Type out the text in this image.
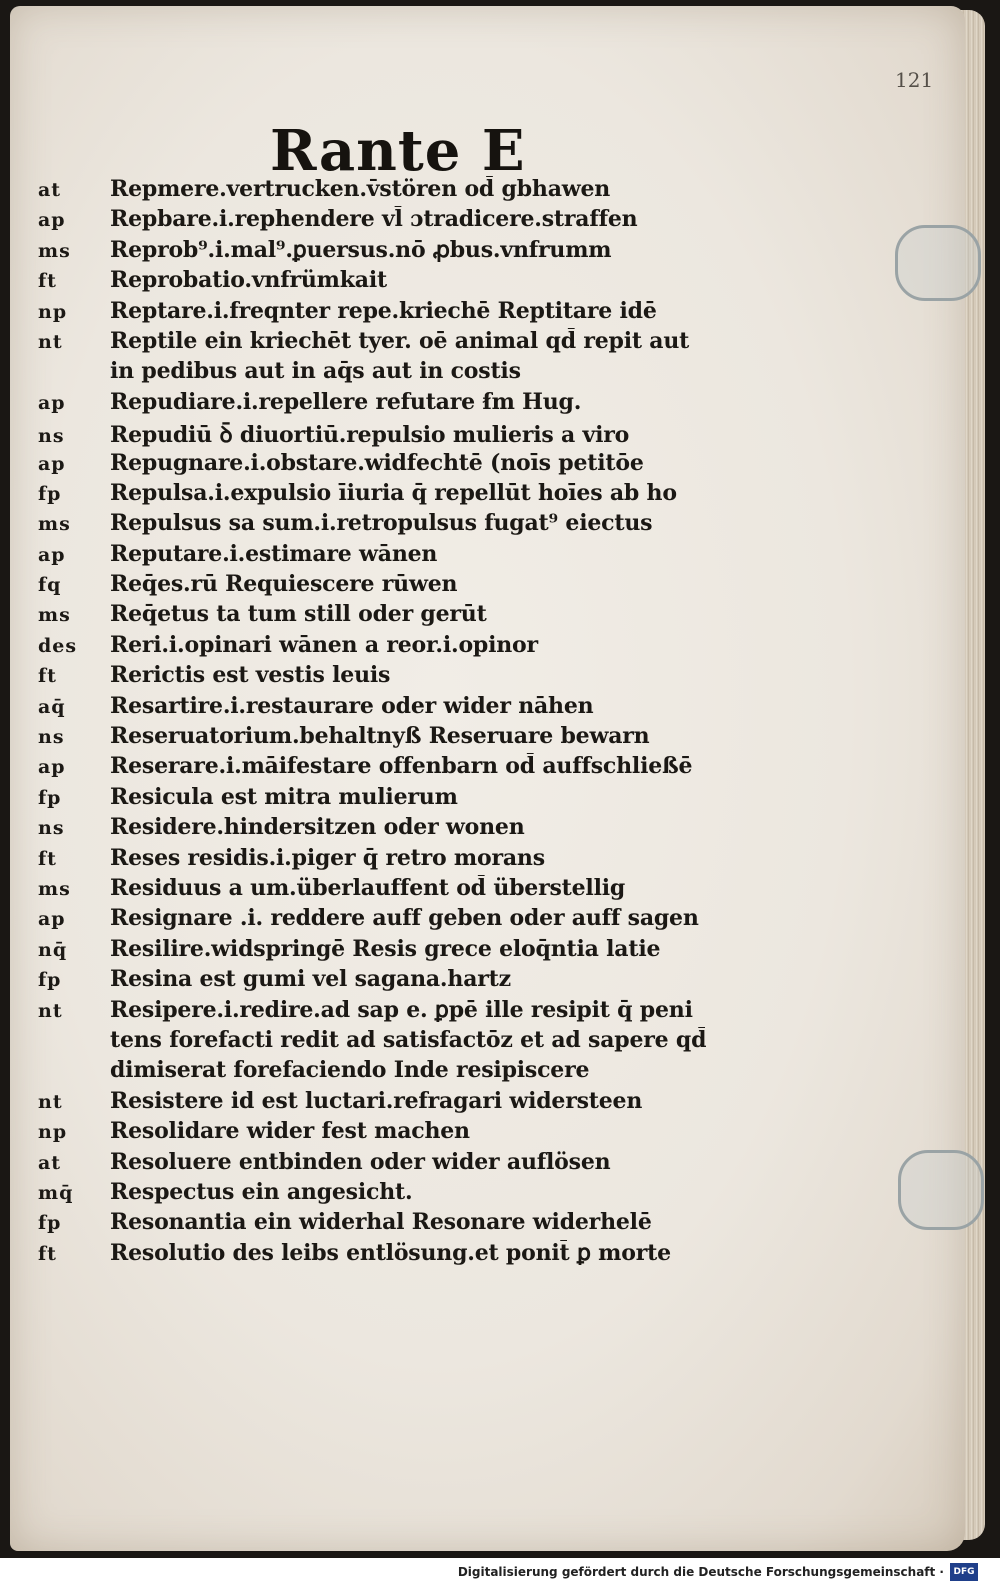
121

Rante E
at	Repmere.vertrucken.v̄stören od̄ gbhawen
ap	Repbare.i.rephendere vl̄ ɔtradicere.straffen
ms	Reprob⁹.i.mal⁹.ꝑuersus.nō ꝓbus.vnfrumm
ft	Reprobatio.vnfrümkait
np	Reptare.i.freqnter repe.kriechē Reptitare idē
nt	Reptile ein kriechēt tyer. oē animal qd̄ repit aut
in pedibus aut in aq̄s aut in costis
ap	Repudiare.i.repellere refutare ẜm Hug.
ns	Repudiū ꝺ̄ diuortiū.repulsio mulieris a viro
ap	Repugnare.i.obstare.widfechtē (noīs petitōe
fp	Repulsa.i.expulsio īiuria q̄ repellūt hoīes ab ho
ms	Repulsus sa sum.i.retropulsus fugat⁹ eiectus
ap	Reputare.i.estimare wānen
fq	Req̄es.rū Requiescere rūwen
ms	Req̄etus ta tum still oder gerūt
des	Reri.i.opinari wānen a reor.i.opinor
ft	Rerictis est vestis leuis
aq̄	Resartire.i.restaurare oder wider nāhen
ns	Reseruatorium.behaltnyß Reseruare bewarn
ap	Reserare.i.māifestare offenbarn od̄ auffschließē
fp	Resicula est mitra mulierum
ns	Residere.hindersitzen oder wonen
ft	Reses residis.i.piger q̄ retro morans
ms	Residuus a um.überlauffent od̄ überstellig
ap	Resignare .i. reddere auff geben oder auff sagen
nq̄	Resilire.widspringē Resis grece eloq̄ntia latie
fp	Resina est gumi vel sagana.hartz
nt	Resipere.i.redire.ad sap e. ꝑpē ille resipit q̄ peni
tens forefacti redit ad satisfactōz et ad sapere qd̄
dimiserat forefaciendo Inde resipiscere
nt	Resistere id est luctari.refragari widersteen
np	Resolidare wider fest machen
at	Resoluere entbinden oder wider auflösen
mq̄	Respectus ein angesicht.
fp	Resonantia ein widerhal Resonare widerhelē
ft	Resolutio des leibs entlösung.et ponit̄ ꝑ morte
Digitalisierung gefördert durch die Deutsche Forschungsgemeinschaft ·	DFG
